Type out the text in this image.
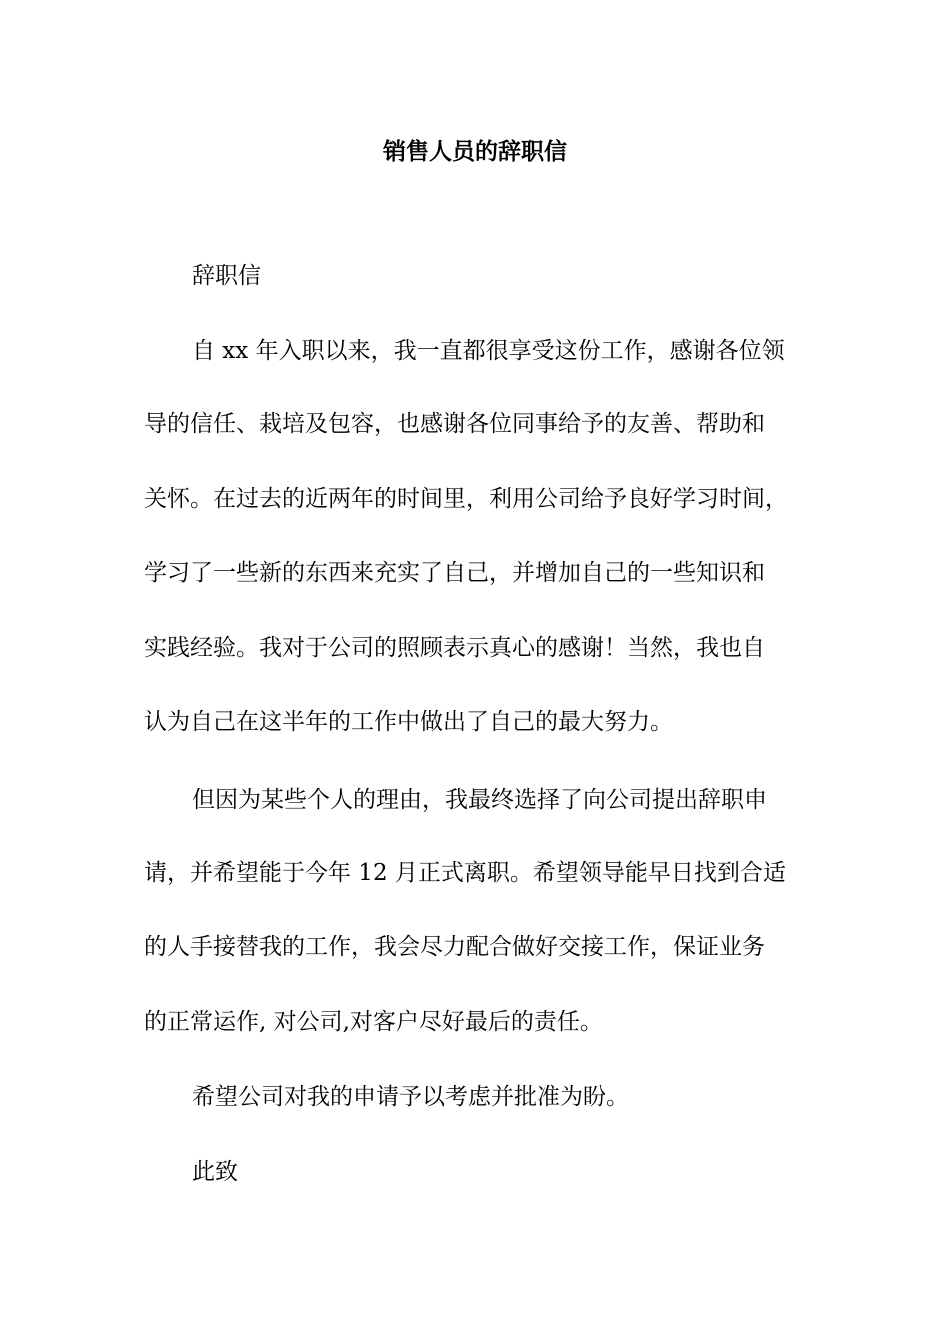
销售人员的辞职信

辞职信

自 xx 年入职以来，我一直都很享受这份工作，感谢各位领

导的信任、栽培及包容，也感谢各位同事给予的友善、帮助和

关怀。在过去的近两年的时间里，利用公司给予良好学习时间，

学习了一些新的东西来充实了自己，并增加自己的一些知识和

实践经验。我对于公司的照顾表示真心的感谢！当然，我也自

认为自己在这半年的工作中做出了自己的最大努力。

但因为某些个人的理由，我最终选择了向公司提出辞职申

请，并希望能于今年 12 月正式离职。希望领导能早日找到合适

的人手接替我的工作，我会尽力配合做好交接工作，保证业务

的正常运作, 对公司,对客户尽好最后的责任。

希望公司对我的申请予以考虑并批准为盼。

此致
